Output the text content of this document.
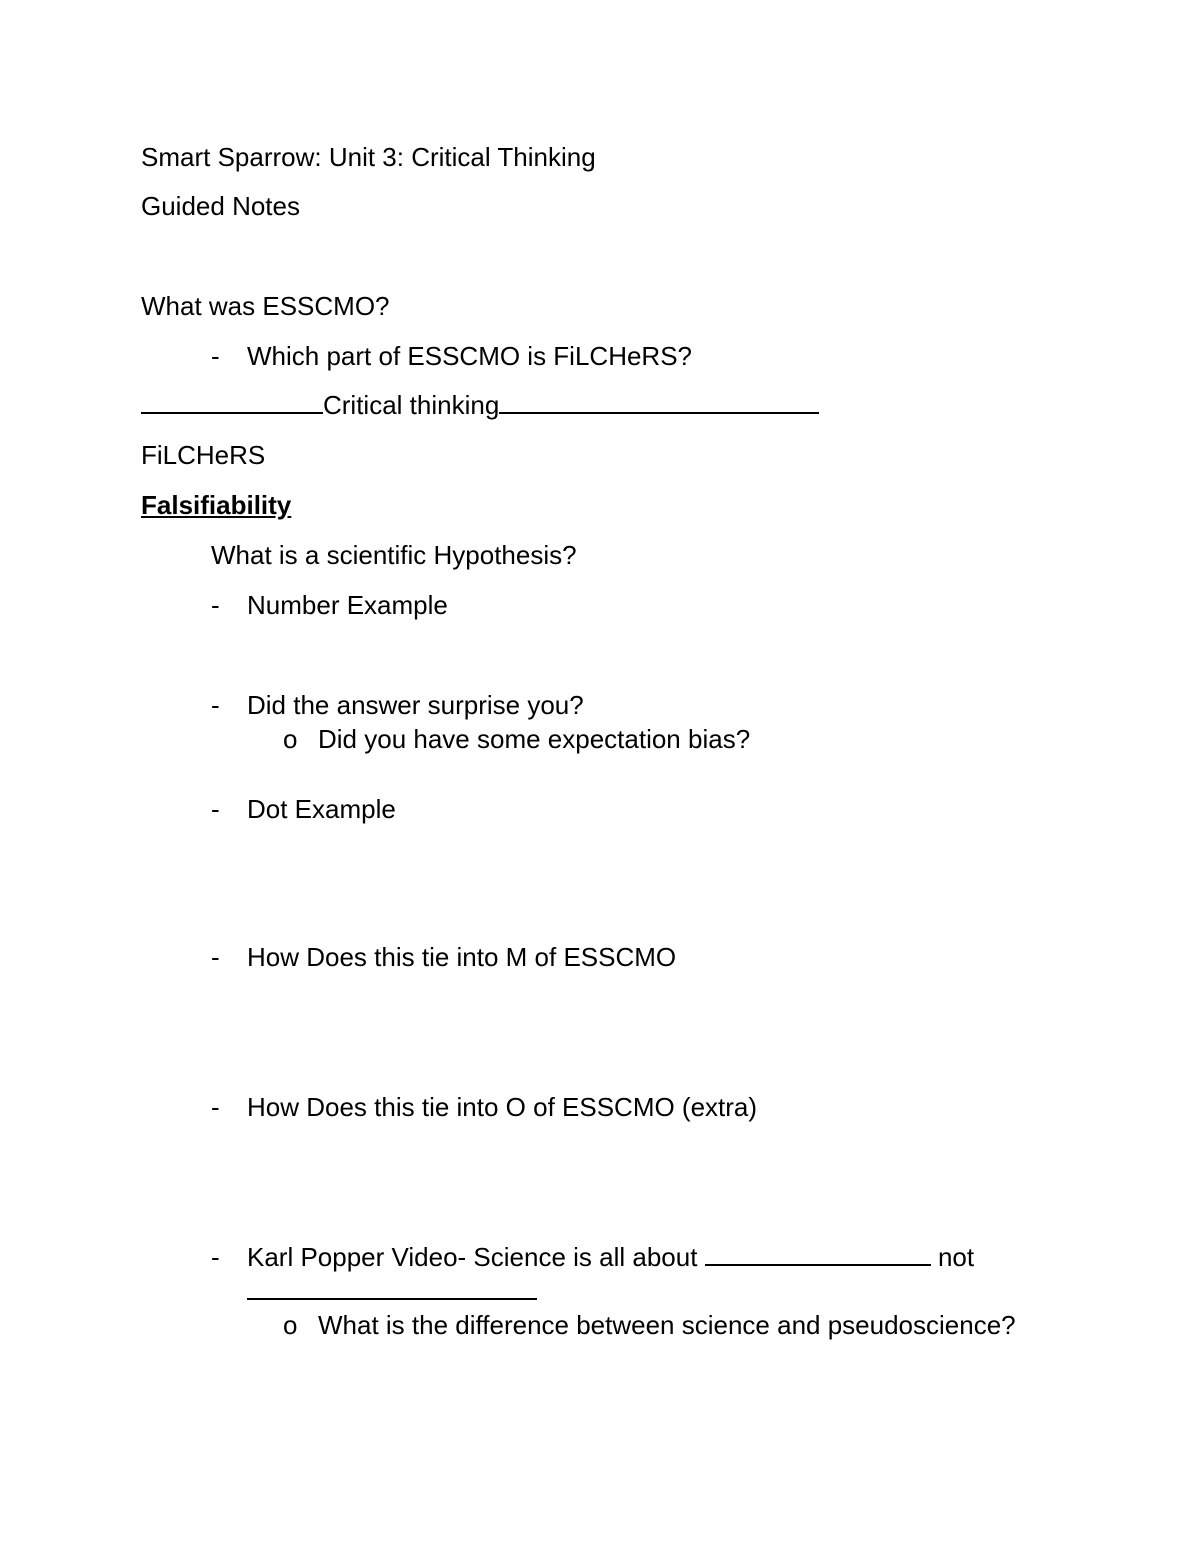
Smart Sparrow: Unit 3: Critical Thinking
Guided Notes
What was ESSCMO?
- Which part of ESSCMO is FiLCHeRS?
Critical thinking
FiLCHeRS
Falsifiability
What is a scientific Hypothesis?
- Number Example
- Did the answer surprise you?
o Did you have some expectation bias?
- Dot Example
- How Does this tie into M of ESSCMO
- How Does this tie into O of ESSCMO (extra)
- Karl Popper Video- Science is all about	not
o What is the difference between science and pseudoscience?
